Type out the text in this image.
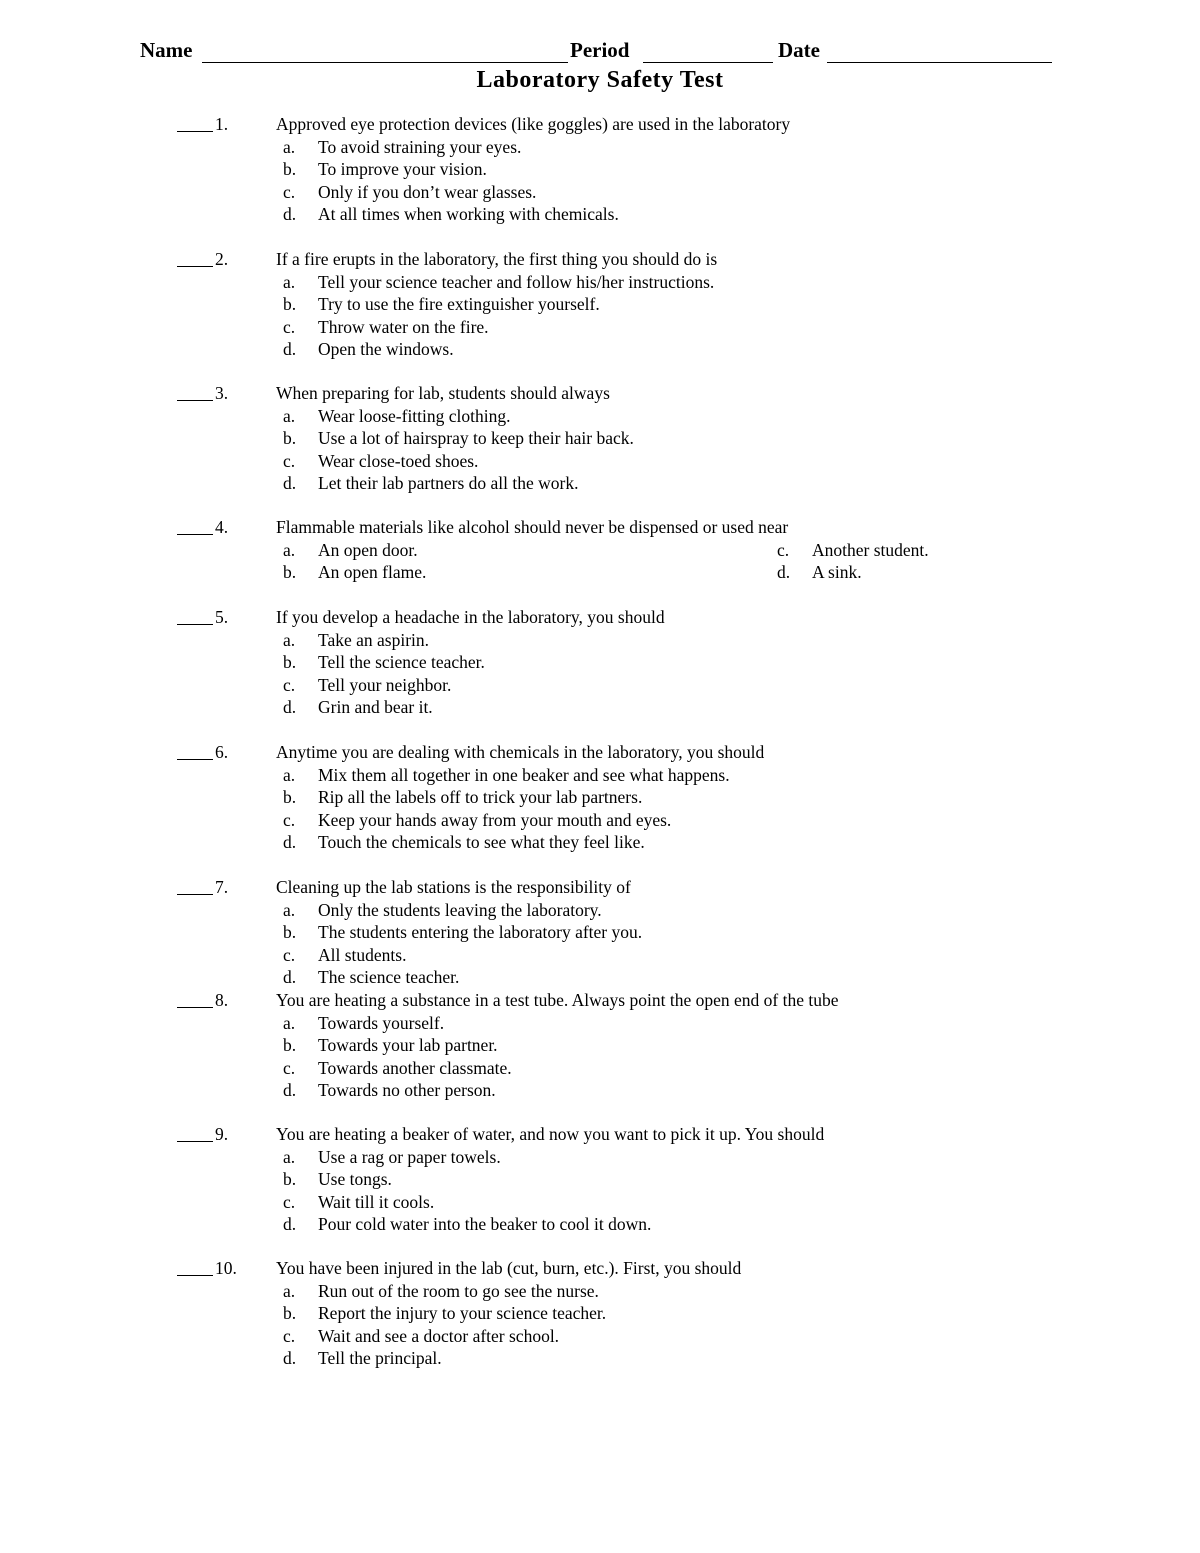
Name	Period	Date
Laboratory Safety Test
1.	Approved eye protection devices (like goggles) are used in the laboratory
a. To avoid straining your eyes.
b. To improve your vision.
c. Only if you don’t wear glasses.
d. At all times when working with chemicals.
2.	If a fire erupts in the laboratory, the first thing you should do is
a. Tell your science teacher and follow his/her instructions.
b. Try to use the fire extinguisher yourself.
c. Throw water on the fire.
d. Open the windows.
3.	When preparing for lab, students should always
a. Wear loose-fitting clothing.
b. Use a lot of hairspray to keep their hair back.
c. Wear close-toed shoes.
d. Let their lab partners do all the work.
4.	Flammable materials like alcohol should never be dispensed or used near
a. An open door.
b. An open flame.
c. Another student.
d. A sink.
5.	If you develop a headache in the laboratory, you should
a. Take an aspirin.
b. Tell the science teacher.
c. Tell your neighbor.
d. Grin and bear it.
6.	Anytime you are dealing with chemicals in the laboratory, you should
a. Mix them all together in one beaker and see what happens.
b. Rip all the labels off to trick your lab partners.
c. Keep your hands away from your mouth and eyes.
d. Touch the chemicals to see what they feel like.
7.	Cleaning up the lab stations is the responsibility of
a. Only the students leaving the laboratory.
b. The students entering the laboratory after you.
c. All students.
d. The science teacher.
8.	You are heating a substance in a test tube. Always point the open end of the tube
a. Towards yourself.
b. Towards your lab partner.
c. Towards another classmate.
d. Towards no other person.
9.	You are heating a beaker of water, and now you want to pick it up. You should
a. Use a rag or paper towels.
b. Use tongs.
c. Wait till it cools.
d. Pour cold water into the beaker to cool it down.
10. You have been injured in the lab (cut, burn, etc.). First, you should
a. Run out of the room to go see the nurse.
b. Report the injury to your science teacher.
c. Wait and see a doctor after school.
d. Tell the principal.
